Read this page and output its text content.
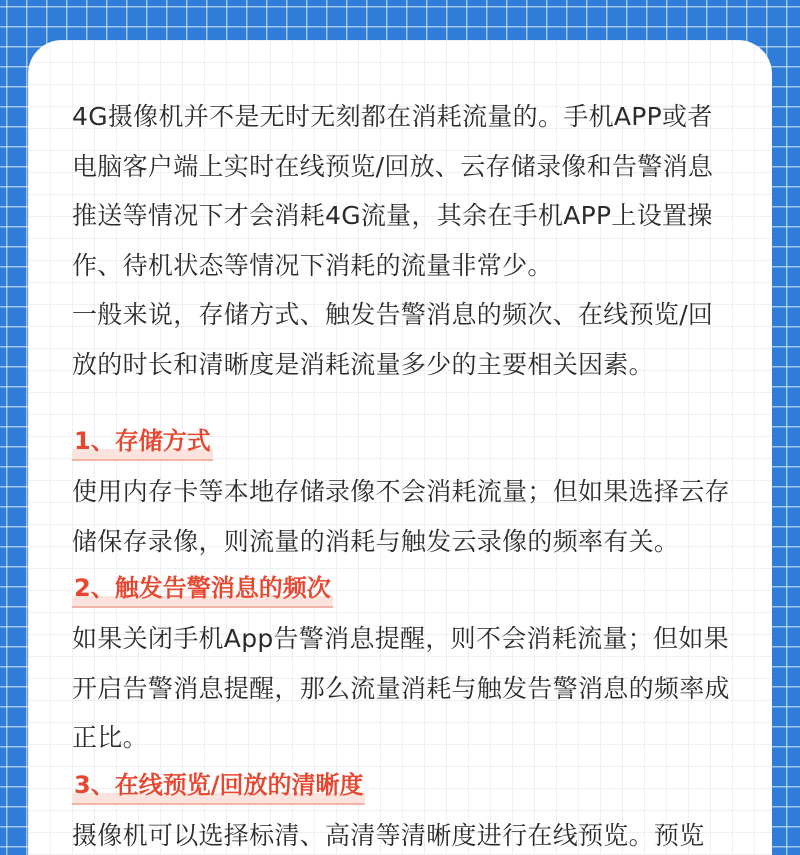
4G摄像机并不是无时无刻都在消耗流量的。手机APP或者电脑客户端上实时在线预览/回放、云存储录像和告警消息推送等情况下才会消耗4G流量，其余在手机APP上设置操作、待机状态等情况下消耗的流量非常少。

一般来说，存储方式、触发告警消息的频次、在线预览/回放的时长和清晰度是消耗流量多少的主要相关因素。

1、存储方式

使用内存卡等本地存储录像不会消耗流量；但如果选择云存储保存录像，则流量的消耗与触发云录像的频率有关。

2、触发告警消息的频次

如果关闭手机App告警消息提醒，则不会消耗流量；但如果开启告警消息提醒，那么流量消耗与触发告警消息的频率成正比。

3、在线预览/回放的清晰度

摄像机可以选择标清、高清等清晰度进行在线预览。预览
